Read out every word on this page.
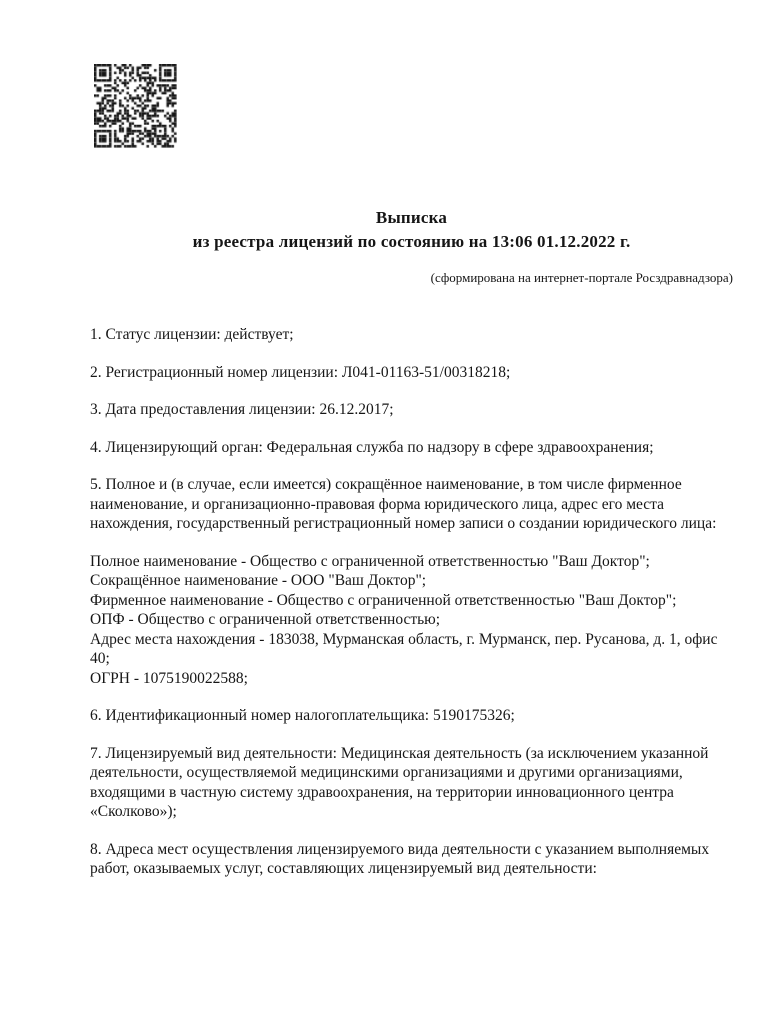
Выписка
из реестра лицензий по состоянию на 13:06 01.12.2022 г.
(сформирована на интернет-портале Росздравнадзора)

1. Статус лицензии: действует;

2. Регистрационный номер лицензии: Л041-01163-51/00318218;

3. Дата предоставления лицензии: 26.12.2017;

4. Лицензирующий орган: Федеральная служба по надзору в сфере здравоохранения;

5. Полное и (в случае, если имеется) сокращённое наименование, в том числе фирменное наименование, и организационно-правовая форма юридического лица, адрес его места нахождения, государственный регистрационный номер записи о создании юридического лица:

Полное наименование - Общество с ограниченной ответственностью "Ваш Доктор";

Сокращённое наименование - ООО "Ваш Доктор";

Фирменное наименование - Общество с ограниченной ответственностью "Ваш Доктор";

ОПФ - Общество с ограниченной ответственностью;

Адрес места нахождения - 183038, Мурманская область, г. Мурманск, пер. Русанова, д. 1, офис 40;

ОГРН - 1075190022588;

6. Идентификационный номер налогоплательщика: 5190175326;

7. Лицензируемый вид деятельности: Медицинская деятельность (за исключением указанной деятельности, осуществляемой медицинскими организациями и другими организациями, входящими в частную систему здравоохранения, на территории инновационного центра «Сколково»);

8. Адреса мест осуществления лицензируемого вида деятельности с указанием выполняемых работ, оказываемых услуг, составляющих лицензируемый вид деятельности:
